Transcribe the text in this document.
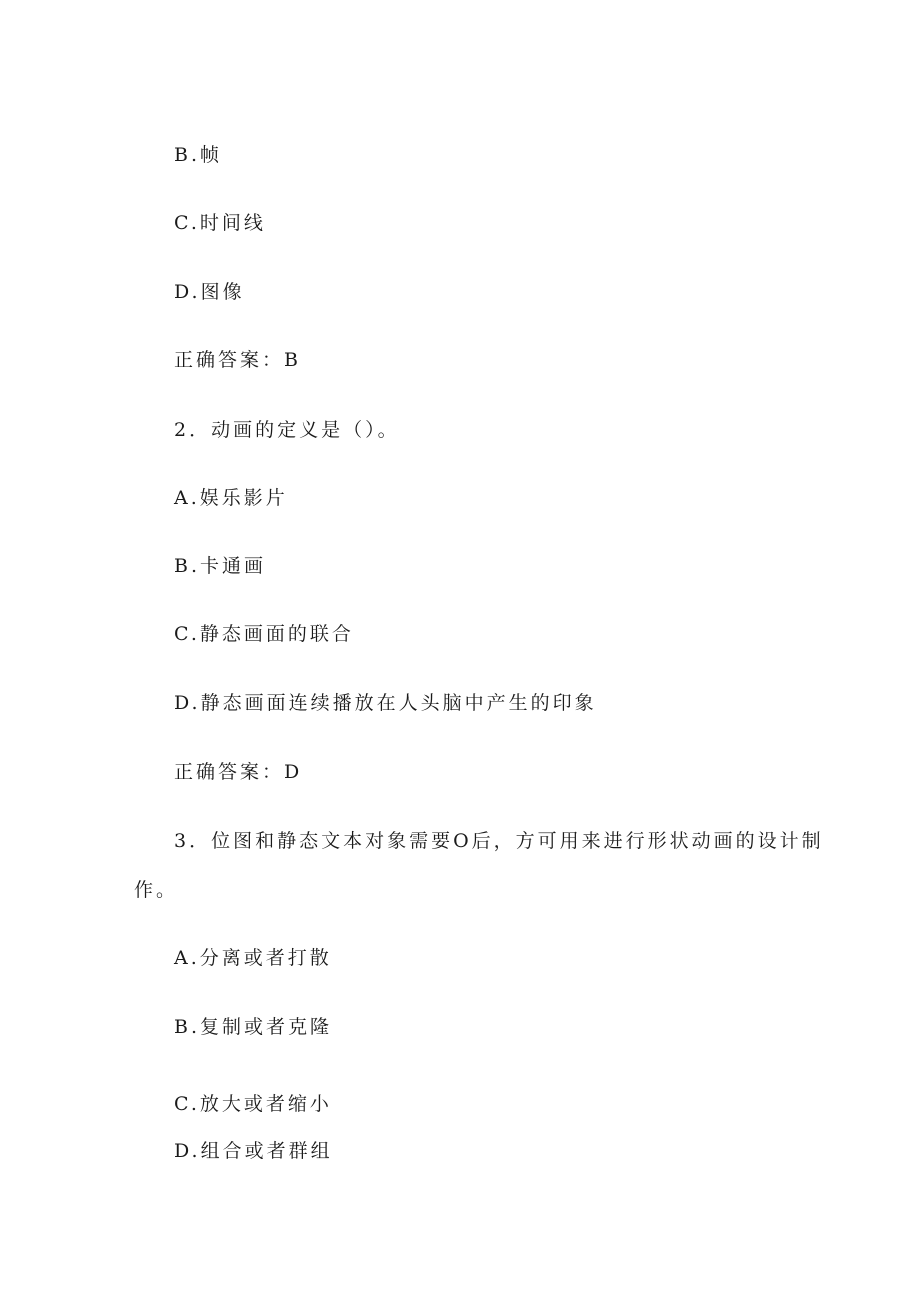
B.帧
C.时间线
D.图像
正确答案：B
2．动画的定义是（）。
A.娱乐影片
B.卡通画
C.静态画面的联合
D.静态画面连续播放在人头脑中产生的印象
正确答案：D
3．位图和静态文本对象需要O后，方可用来进行形状动画的设计制
作。
A.分离或者打散
B.复制或者克隆
C.放大或者缩小
D.组合或者群组
